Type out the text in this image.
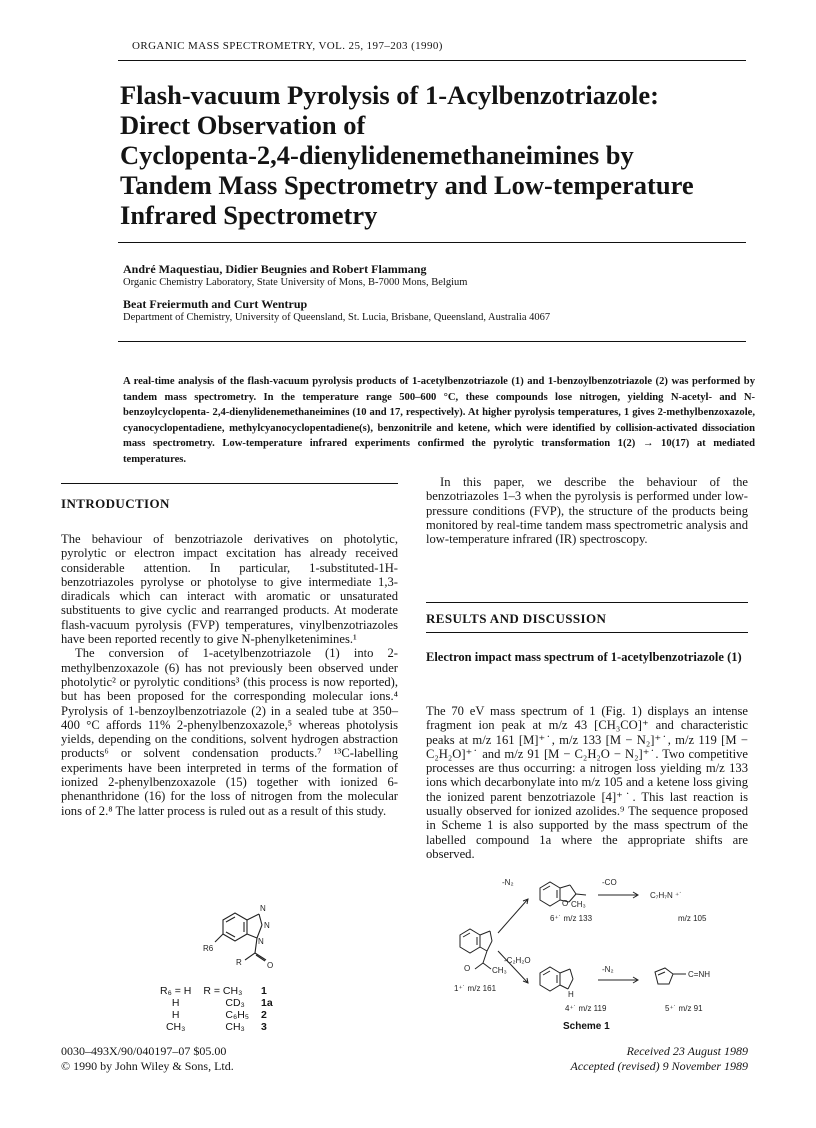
ORGANIC MASS SPECTROMETRY, VOL. 25, 197–203 (1990)
Flash-vacuum Pyrolysis of 1-Acylbenzotriazole:
Direct Observation of
Cyclopenta-2,4-dienylidenemethaneimines by
Tandem Mass Spectrometry and Low-temperature
Infrared Spectrometry
André Maquestiau, Didier Beugnies and Robert Flammang
Organic Chemistry Laboratory, State University of Mons, B-7000 Mons, Belgium
Beat Freiermuth and Curt Wentrup
Department of Chemistry, University of Queensland, St. Lucia, Brisbane, Queensland, Australia 4067

A real-time analysis of the flash-vacuum pyrolysis products of 1-acetylbenzotriazole (1) and 1-benzoylbenzotriazole (2) was performed by tandem mass spectrometry. In the temperature range 500–600 °C, these compounds lose nitrogen, yielding N-acetyl- and N-benzoylcyclopenta- 2,4-dienylidenemethaneimines (10 and 17, respectively). At higher pyrolysis temperatures, 1 gives 2-methylbenzoxazole, cyanocyclopentadiene, methylcyanocyclopentadiene(s), benzonitrile and ketene, which were identified by collision-activated dissociation mass spectrometry. Low-temperature infrared experiments confirmed the pyrolytic transformation 1(2) → 10(17) at mediated temperatures.

INTRODUCTION

The behaviour of benzotriazole derivatives on photolytic, pyrolytic or electron impact excitation has already received considerable attention. In particular, 1-substituted-1H-benzotriazoles pyrolyse or photolyse to give intermediate 1,3-diradicals which can interact with aromatic or unsaturated substituents to give cyclic and rearranged products. At moderate flash-vacuum pyrolysis (FVP) temperatures, vinylbenzotriazoles have been reported recently to give N-phenylketenimines.¹

The conversion of 1-acetylbenzotriazole (1) into 2-methylbenzoxazole (6) has not previously been observed under photolytic² or pyrolytic conditions³ (this process is now reported), but has been proposed for the corresponding molecular ions.⁴ Pyrolysis of 1-benzoylbenzotriazole (2) in a sealed tube at 350–400 °C affords 11% 2-phenylbenzoxazole,⁵ whereas photolysis yields, depending on the conditions, solvent hydrogen abstraction products⁶ or solvent condensation products.⁷ ¹³C-labelling experiments have been interpreted in terms of the formation of ionized 2-phenylbenzoxazole (15) together with ionized 6-phenanthridone (16) for the loss of nitrogen from the molecular ions of 2.⁸ The latter process is ruled out as a result of this study.

In this paper, we describe the behaviour of the benzotriazoles 1–3 when the pyrolysis is performed under low-pressure conditions (FVP), the structure of the products being monitored by real-time tandem mass spectrometric analysis and low-temperature infrared (IR) spectroscopy.

RESULTS AND DISCUSSION
Electron impact mass spectrum of 1-acetylbenzotriazole (1)

The 70 eV mass spectrum of 1 (Fig. 1) displays an intense fragment ion peak at m/z 43 [CH₃CO]⁺ and characteristic peaks at m/z 161 [M]⁺˙, m/z 133 [M − N₂]⁺˙, m/z 119 [M − C₂H₂O]⁺˙ and m/z 91 [M − C₂H₂O − N₂]⁺˙. Two competitive processes are thus occurring: a nitrogen loss yielding m/z 133 ions which decarbonylate into m/z 105 and a ketene loss giving the ionized parent benzotriazole [4]⁺˙. This last reaction is usually observed for ionized azolides.⁹ The sequence proposed in Scheme 1 is also supported by the mass spectrum of the labelled compound 1a where the appropriate shifts are observed.

N
N
N
R6
R	O
R₆ = H	R = CH₃	1
H	CD₃	1a
H	C₆H₅	2
CH₃	CH₃	3
-N₂	-CO
CH₃
O
6⁺˙ m/z 133
C₇H₇N ⁺˙
m/z 105
O	CH₃
1⁺˙ m/z 161
-C₂H₂O
-N₂
H
C=NH
4⁺˙ m/z 119	5⁺˙ m/z 91
Scheme 1
0030–493X/90/040197–07 $05.00
© 1990 by John Wiley & Sons, Ltd.
Received 23 August 1989
Accepted (revised) 9 November 1989
